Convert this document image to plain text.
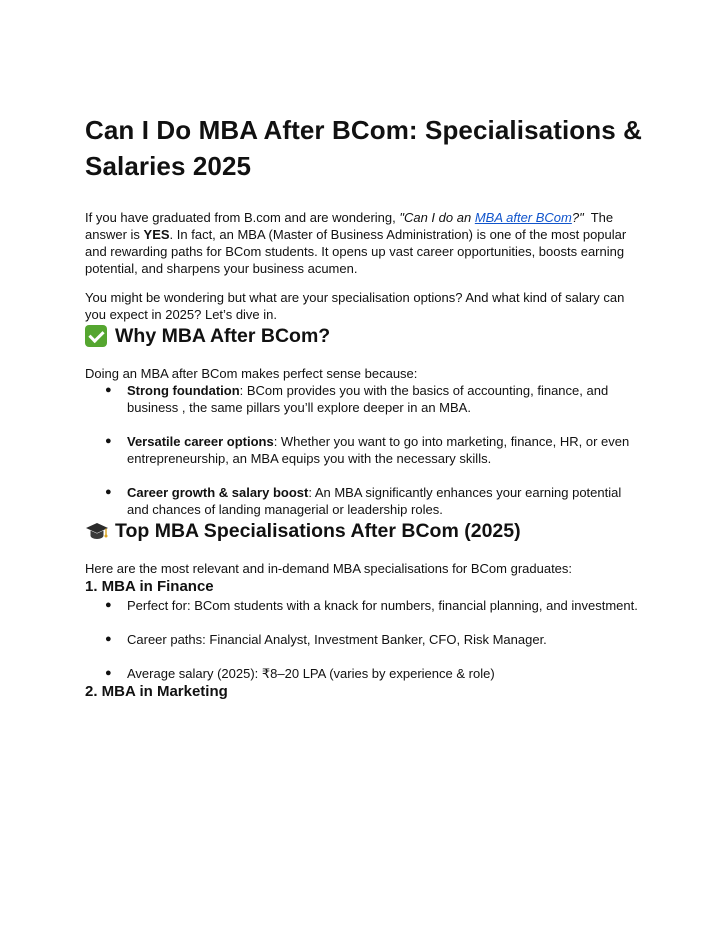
Can I Do MBA After BCom: Specialisations & Salaries 2025

If you have graduated from B.com and are wondering, "Can I do an MBA after BCom?"  The answer is YES. In fact, an MBA (Master of Business Administration) is one of the most popular and rewarding paths for BCom students. It opens up vast career opportunities, boosts earning potential, and sharpens your business acumen.

You might be wondering but what are your specialisation options? And what kind of salary can you expect in 2025? Let’s dive in.

Why MBA After BCom?

Doing an MBA after BCom makes perfect sense because:

● Strong foundation: BCom provides you with the basics of accounting, finance, and business , the same pillars you’ll explore deeper in an MBA.
● Versatile career options: Whether you want to go into marketing, finance, HR, or even entrepreneurship, an MBA equips you with the necessary skills.
● Career growth & salary boost: An MBA significantly enhances your earning potential and chances of landing managerial or leadership roles.
Top MBA Specialisations After BCom (2025)

Here are the most relevant and in-demand MBA specialisations for BCom graduates:

1. MBA in Finance
● Perfect for: BCom students with a knack for numbers, financial planning, and investment.
● Career paths: Financial Analyst, Investment Banker, CFO, Risk Manager.
● Average salary (2025): ₹8–20 LPA (varies by experience & role)
2. MBA in Marketing
